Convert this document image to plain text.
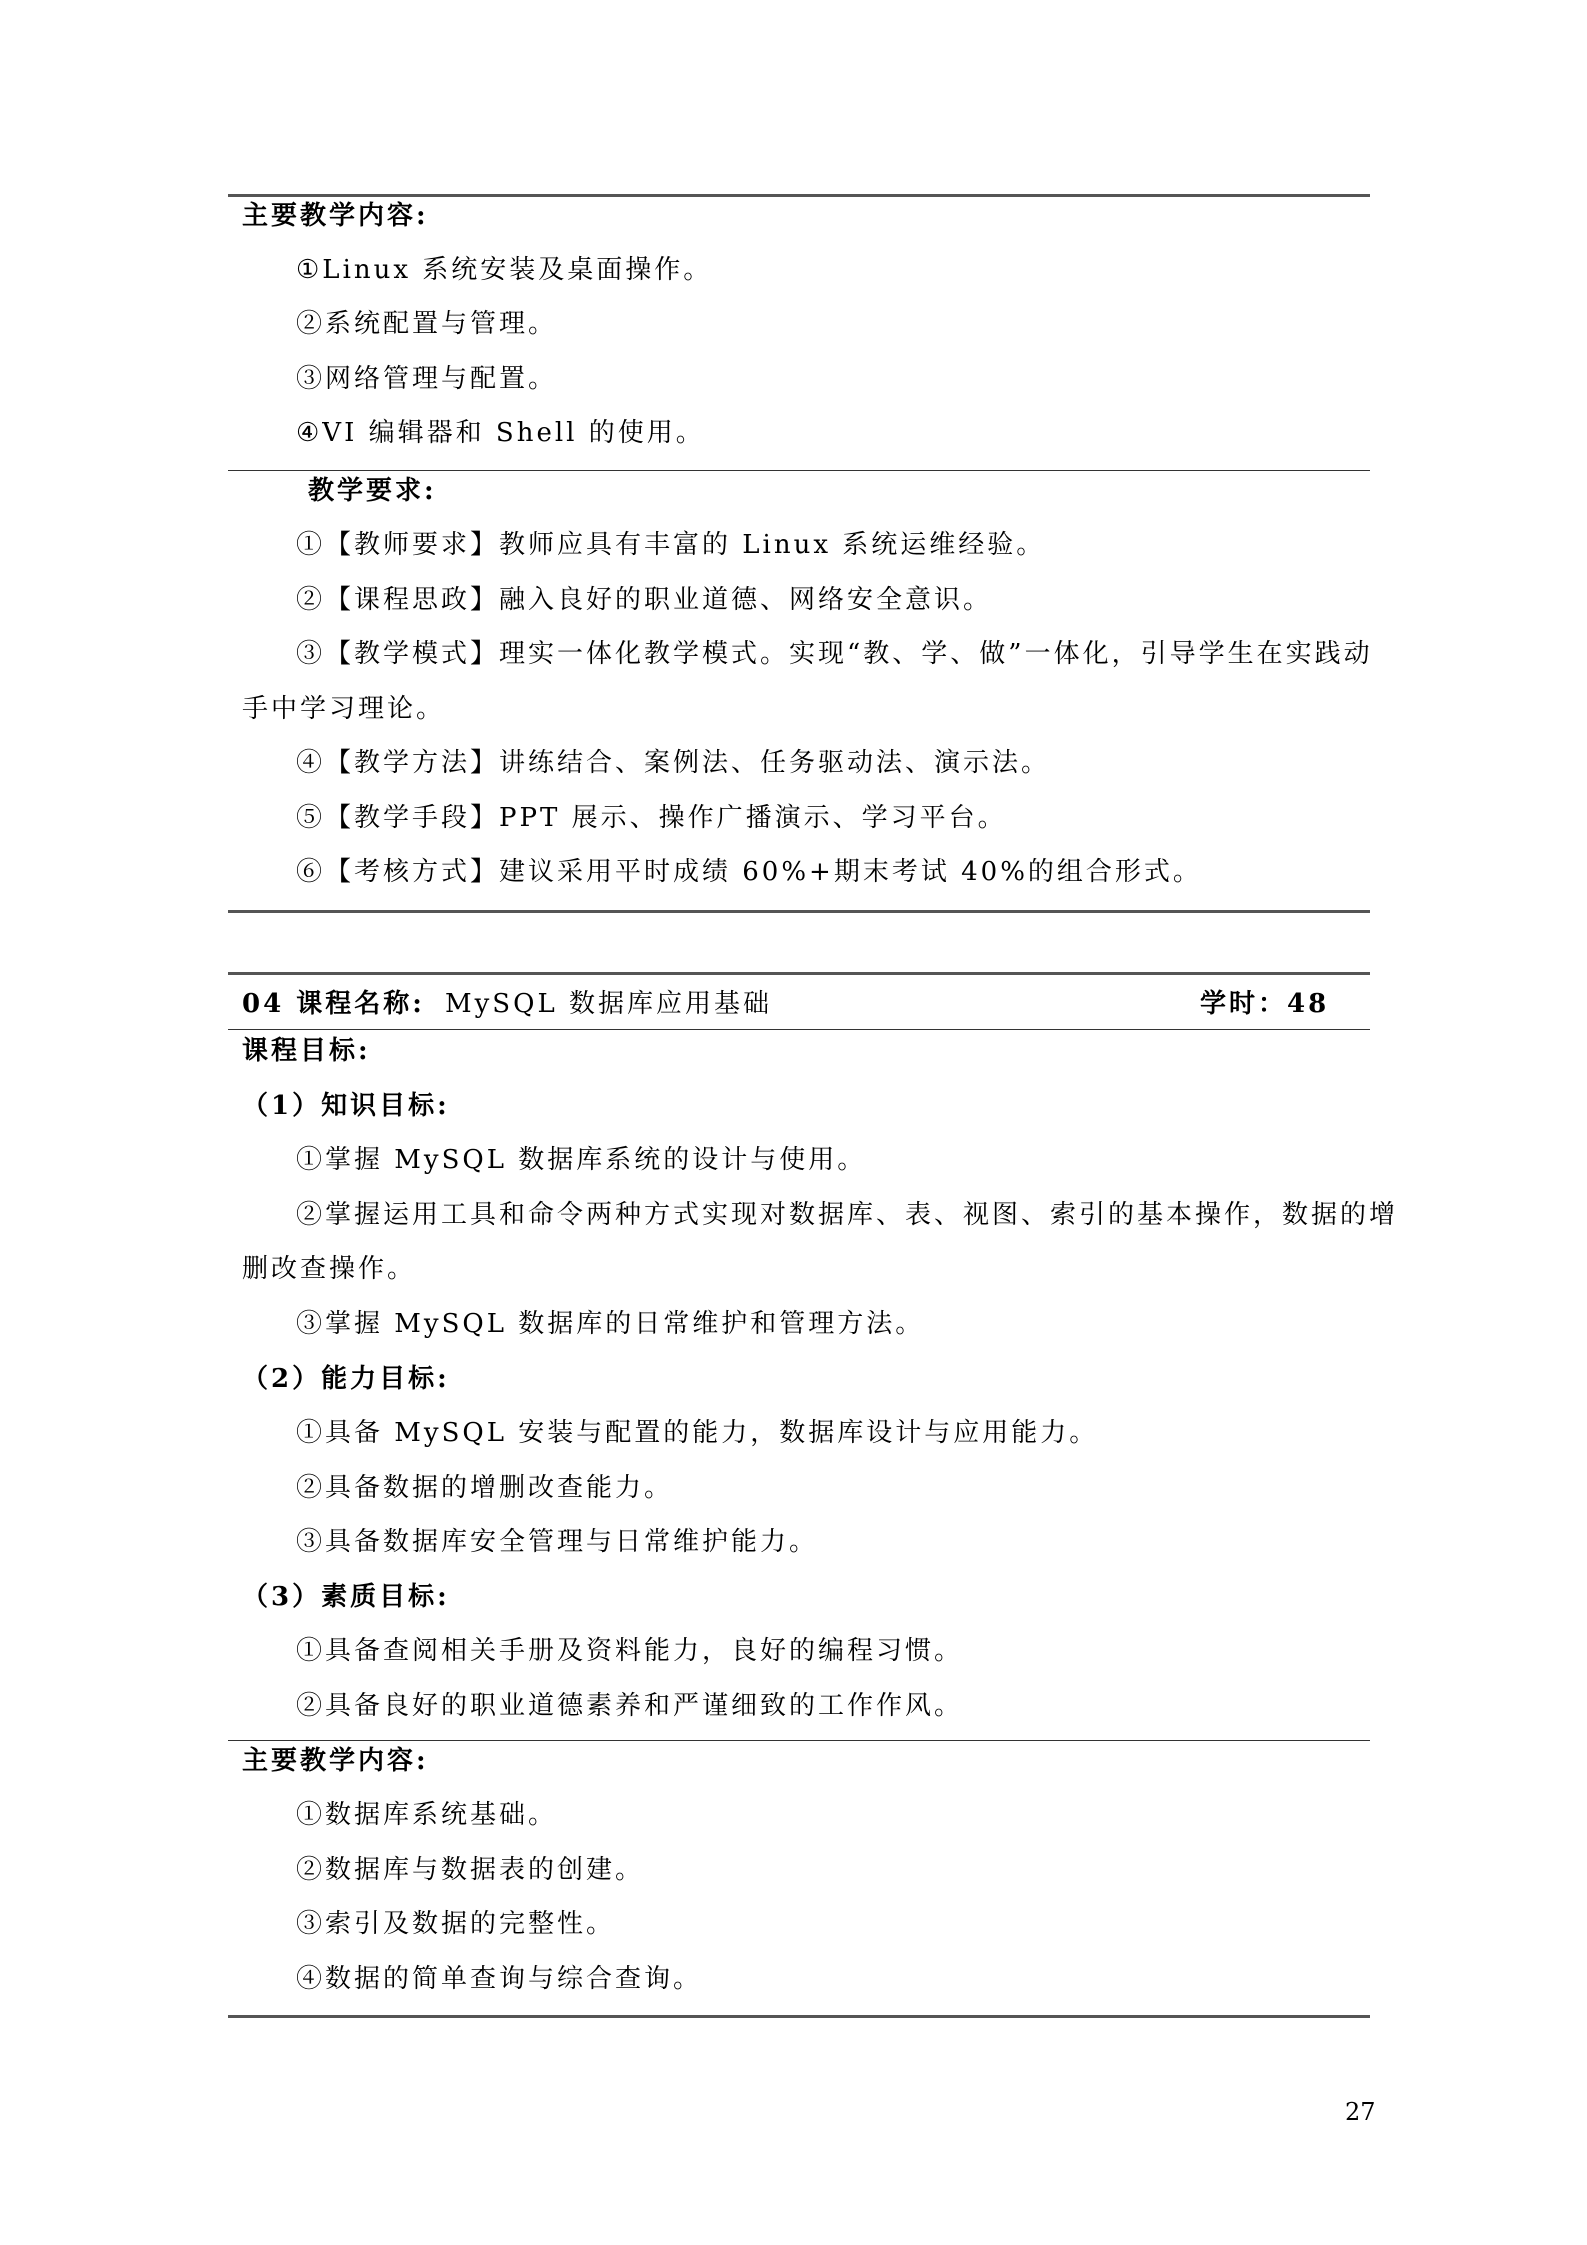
主要教学内容:
①Linux 系统安装及桌面操作。
②系统配置与管理。
③网络管理与配置。
④VI 编辑器和 Shell 的使用。
教学要求:
①【教师要求】教师应具有丰富的 Linux 系统运维经验。
②【课程思政】融入良好的职业道德、网络安全意识。
③【教学模式】理实一体化教学模式。实现“教、学、做”一体化，引导学生在实践动
手中学习理论。
④【教学方法】讲练结合、案例法、任务驱动法、演示法。
⑤【教学手段】PPT 展示、操作广播演示、学习平台。
⑥【考核方式】建议采用平时成绩 60%+期末考试 40%的组合形式。
04 课程名称: MySQL 数据库应用基础	学时：48
课程目标:
（1）知识目标:
①掌握 MySQL 数据库系统的设计与使用。
②掌握运用工具和命令两种方式实现对数据库、表、视图、索引的基本操作，数据的增
删改查操作。
③掌握 MySQL 数据库的日常维护和管理方法。
（2）能力目标:
①具备 MySQL 安装与配置的能力，数据库设计与应用能力。
②具备数据的增删改查能力。
③具备数据库安全管理与日常维护能力。
（3）素质目标:
①具备查阅相关手册及资料能力，良好的编程习惯。
②具备良好的职业道德素养和严谨细致的工作作风。
主要教学内容:
①数据库系统基础。
②数据库与数据表的创建。
③索引及数据的完整性。
④数据的简单查询与综合查询。
27
